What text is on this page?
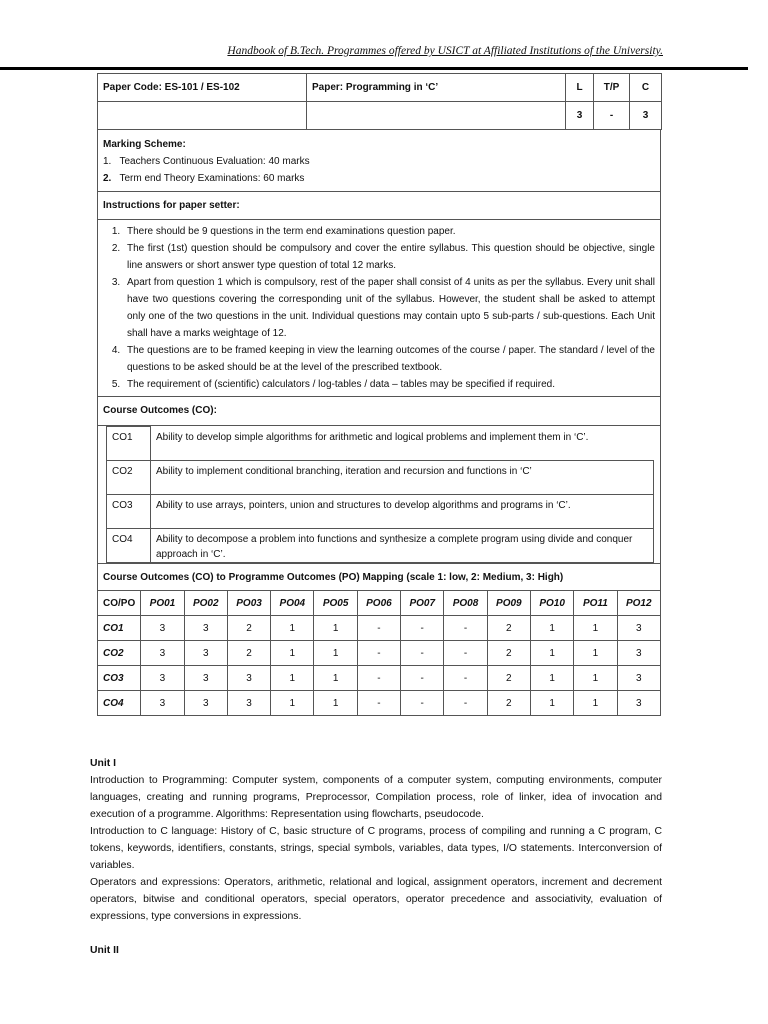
Handbook of B.Tech. Programmes offered by USICT at Affiliated Institutions of the University.
Paper Code: ES-101 / ES-102	Paper: Programming in ‘C’	L	T/P	C
		3	-	3
Marking Scheme:
1.   Teachers Continuous Evaluation: 40 marks
2. Term end Theory Examinations: 60 marks
Instructions for paper setter:
1. There should be 9 questions in the term end examinations question paper.
2. The first (1st) question should be compulsory and cover the entire syllabus. This question should be objective, single line answers or short answer type question of total 12 marks.
3. Apart from question 1 which is compulsory, rest of the paper shall consist of 4 units as per the syllabus. Every unit shall have two questions covering the corresponding unit of the syllabus. However, the student shall be asked to attempt only one of the two questions in the unit. Individual questions may contain upto 5 sub-parts / sub-questions. Each Unit shall have a marks weightage of 12.
4. The questions are to be framed keeping in view the learning outcomes of the course / paper. The standard / level of the questions to be asked should be at the level of the prescribed textbook.
5. The requirement of (scientific) calculators / log-tables / data – tables may be specified if required.
Course Outcomes (CO):
CO1		Ability to develop simple algorithms for arithmetic and logical problems and implement them in ‘C’.

CO2	Ability to implement conditional branching, iteration and recursion and functions in ‘C’
CO3	Ability to use arrays, pointers, union and structures to develop algorithms and programs in ‘C’.
CO4	Ability to decompose a problem into functions and synthesize a complete program using divide and conquer approach in ‘C’.
Course Outcomes (CO) to Programme Outcomes (PO) Mapping (scale 1: low, 2: Medium, 3: High)												
CO/PO	PO01	PO02	PO03	PO04	PO05	PO06	PO07	PO08	PO09	PO10	PO11	PO12
CO1	3	3	2	1	1	-	-	-	2	1	1	3
CO2	3	3	2	1	1	-	-	-	2	1	1	3
CO3	3	3	3	1	1	-	-	-	2	1	1	3
CO4	3	3	3	1	1	-	-	-	2	1	1	3

Unit I

Introduction to Programming: Computer system, components of a computer system, computing environments, computer languages, creating and running programs, Preprocessor, Compilation process, role of linker, idea of invocation and execution of a programme. Algorithms: Representation using flowcharts, pseudocode.

Introduction to C language: History of C, basic structure of C programs, process of compiling and running a C program, C tokens, keywords, identifiers, constants, strings, special symbols, variables, data types, I/O statements. Interconversion of variables.

Operators and expressions: Operators, arithmetic, relational and logical, assignment operators, increment and decrement operators, bitwise and conditional operators, special operators, operator precedence and associativity, evaluation of expressions, type conversions in expressions.

Unit II
